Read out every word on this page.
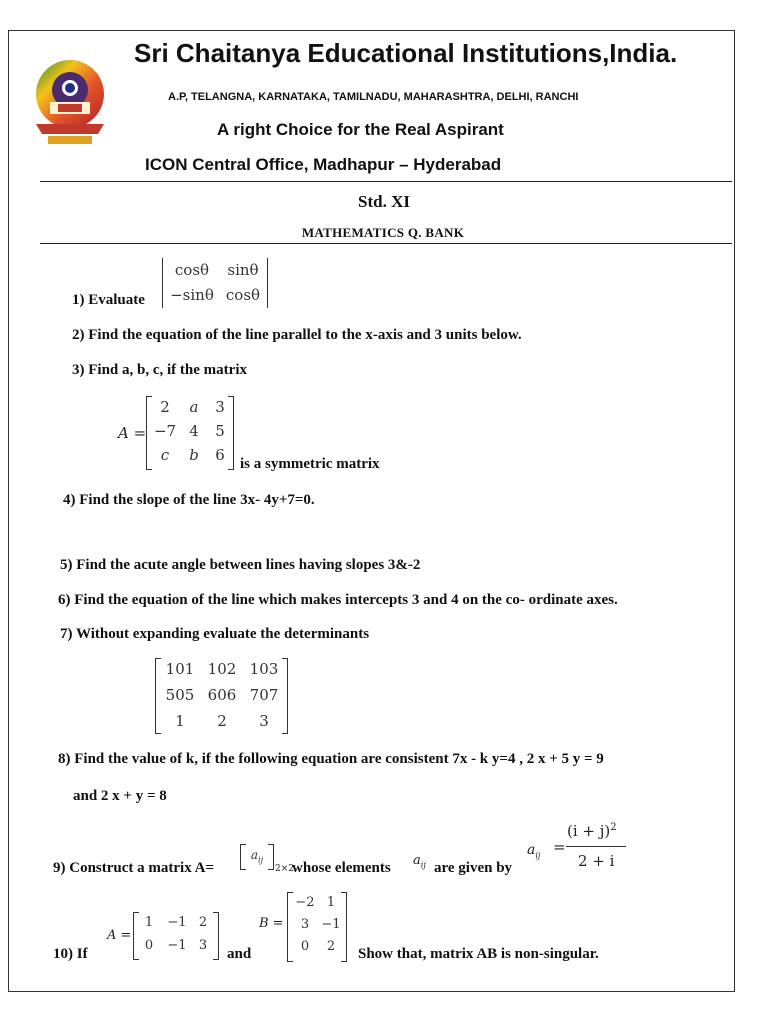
Sri Chaitanya Educational Institutions,India.
A.P, TELANGNA, KARNATAKA, TAMILNADU, MAHARASHTRA, DELHI, RANCHI
A right Choice for the Real Aspirant
ICON Central Office, Madhapur – Hyderabad
Std. XI
MATHEMATICS Q. BANK
1) Evaluate
cosθ	sinθ
−sinθ cosθ
2) Find the equation of the line parallel to the x-axis and 3 units below.
3) Find a, b, c, if the matrix
A =
2	a	3
−7 4	5
c	b	6	is a symmetric matrix
4) Find the slope of the line 3x- 4y+7=0.
5) Find the acute angle between lines having slopes 3&-2
6) Find the equation of the line which makes intercepts 3 and 4 on the co- ordinate axes.
7) Without expanding evaluate the determinants
101 102 103
505 606 707
1	2	3
8) Find the value of k, if the following equation are consistent 7x - k y=4 , 2 x + 5 y = 9
and 2 x + y = 8
9) Construct a matrix A=
$a_{ij}$
2×2
whose elements $a_{ij}$ are given by
$a_{ij}$ =
$(i + j)^2$
2 + i
10) If
A =
1	−1 2
0	−1 3
and
B =
−2 1
3 −1
0	2	Show that, matrix AB is non-singular.
